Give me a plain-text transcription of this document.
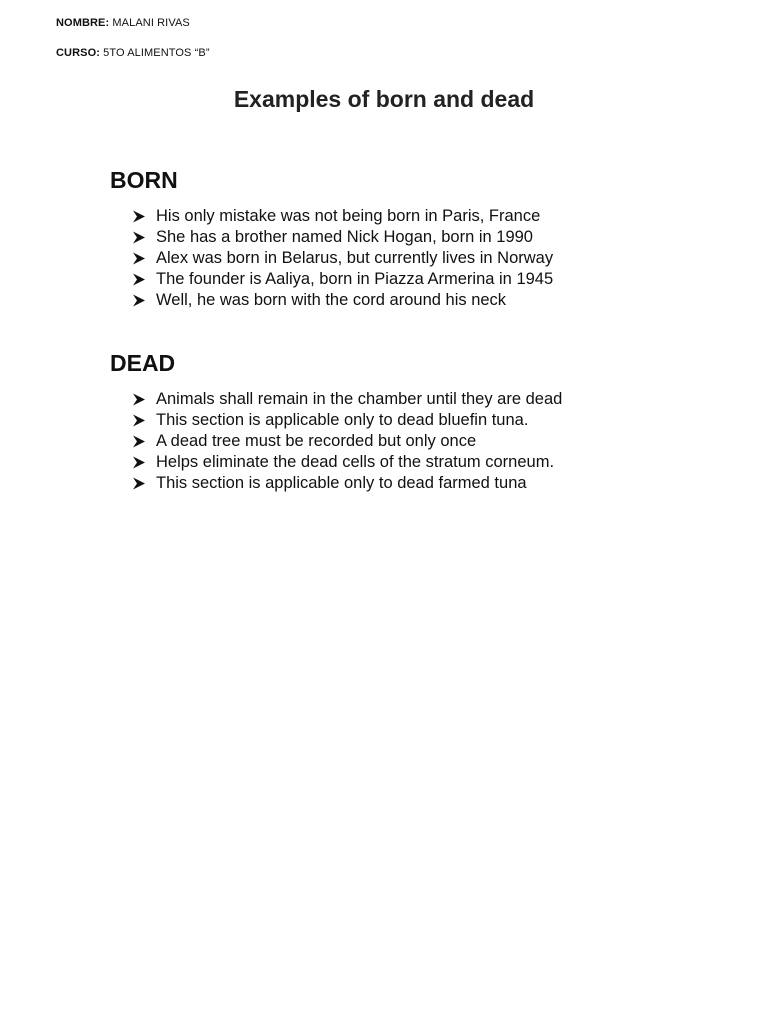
NOMBRE: MALANI RIVAS
CURSO: 5TO ALIMENTOS “B”
Examples of born and dead
BORN
His only mistake was not being born in Paris, France
She has a brother named Nick Hogan, born in 1990
Alex was born in Belarus, but currently lives in Norway
The founder is Aaliya, born in Piazza Armerina in 1945
Well, he was born with the cord around his neck
DEAD
Animals shall remain in the chamber until they are dead
This section is applicable only to dead bluefin tuna.
A dead tree must be recorded but only once
Helps eliminate the dead cells of the stratum corneum.
This section is applicable only to dead farmed tuna
